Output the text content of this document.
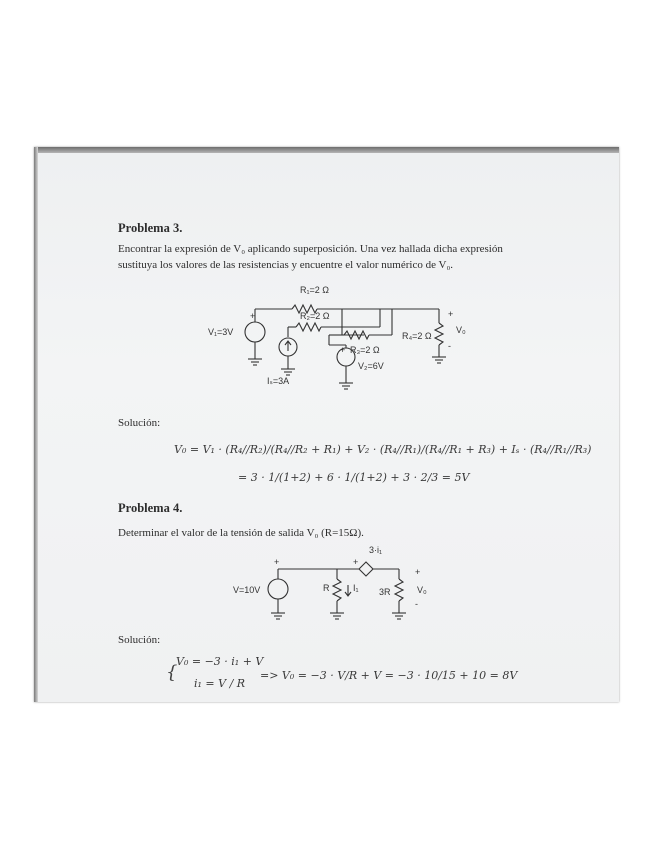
Problema 3.
Encontrar la expresión de V₀ aplicando superposición. Una vez hallada dicha expresión
sustituya los valores de las resistencias y encuentre el valor numérico de V₀.
R₁=2 Ω
R₂=2 Ω
R₃=2 Ω
R₄=2 Ω
V₁=3V
Iₛ=3A
V₂=6V
V₀
+
+
+
-
Solución:
V₀ = V₁ · (R₄//R₂)/(R₄//R₂ + R₁) + V₂ · (R₄//R₁)/(R₄//R₁ + R₃) + Iₛ · (R₄//R₁//R₃)
= 3 · 1/(1+2) + 6 · 1/(1+2) + 3 · 2/3 = 5V
Problema 4.
Determinar el valor de la tensión de salida V₀ (R=15Ω).
V=10V	R	I₁ 3R
3·i₁
V₀
+	+
+
-
Solución:
{
V₀ = −3 · i₁ + V
i₁ = V / R
=> V₀ = −3 · V/R + V = −3 · 10/15 + 10 = 8V
